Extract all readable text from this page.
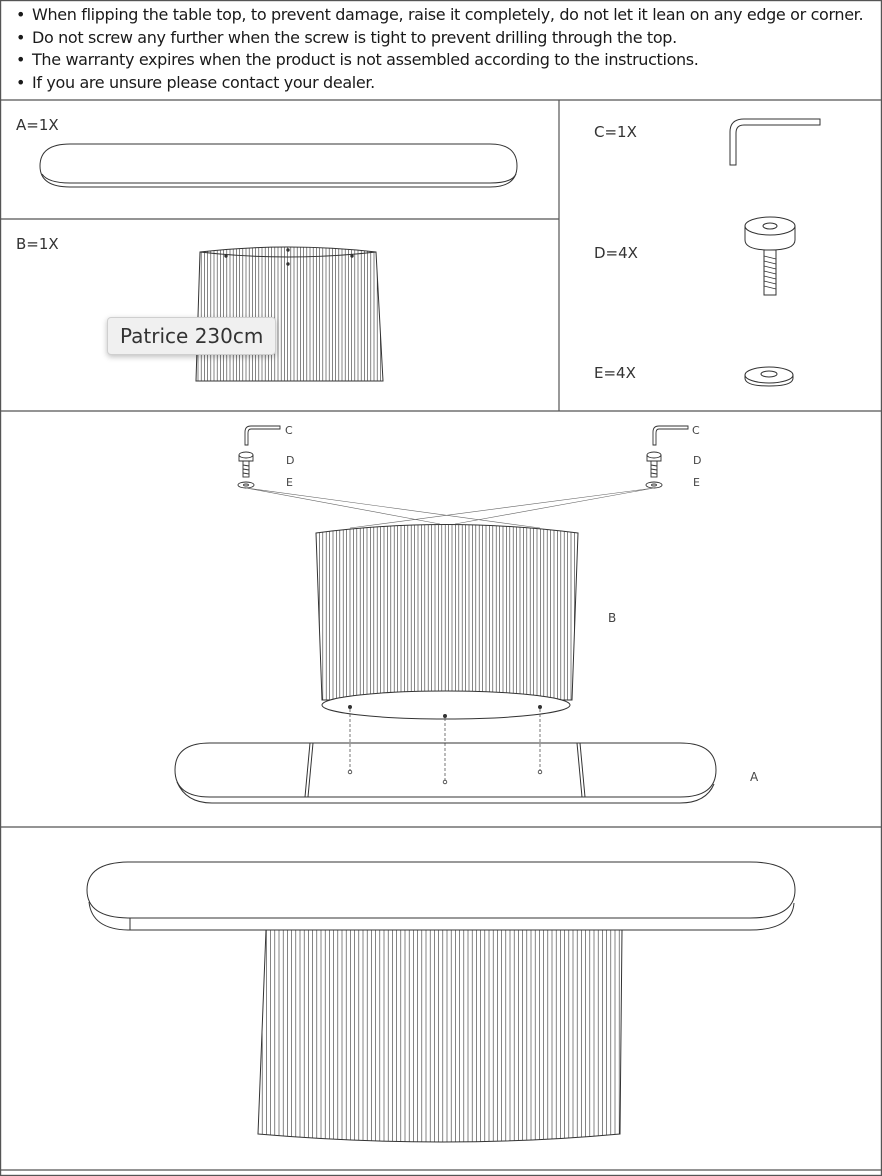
• When flipping the table top, to prevent damage, raise it completely, do not let it lean on any edge or corner.
• Do not screw any further when the screw is tight to prevent drilling through the top.
• The warranty expires when the product is not assembled according to the instructions.
• If you are unsure please contact your dealer.
A=1X
B=1X
C=1X
D=4X
E=4X
C
D
E
C
D
E
B
A
Patrice 230cm
